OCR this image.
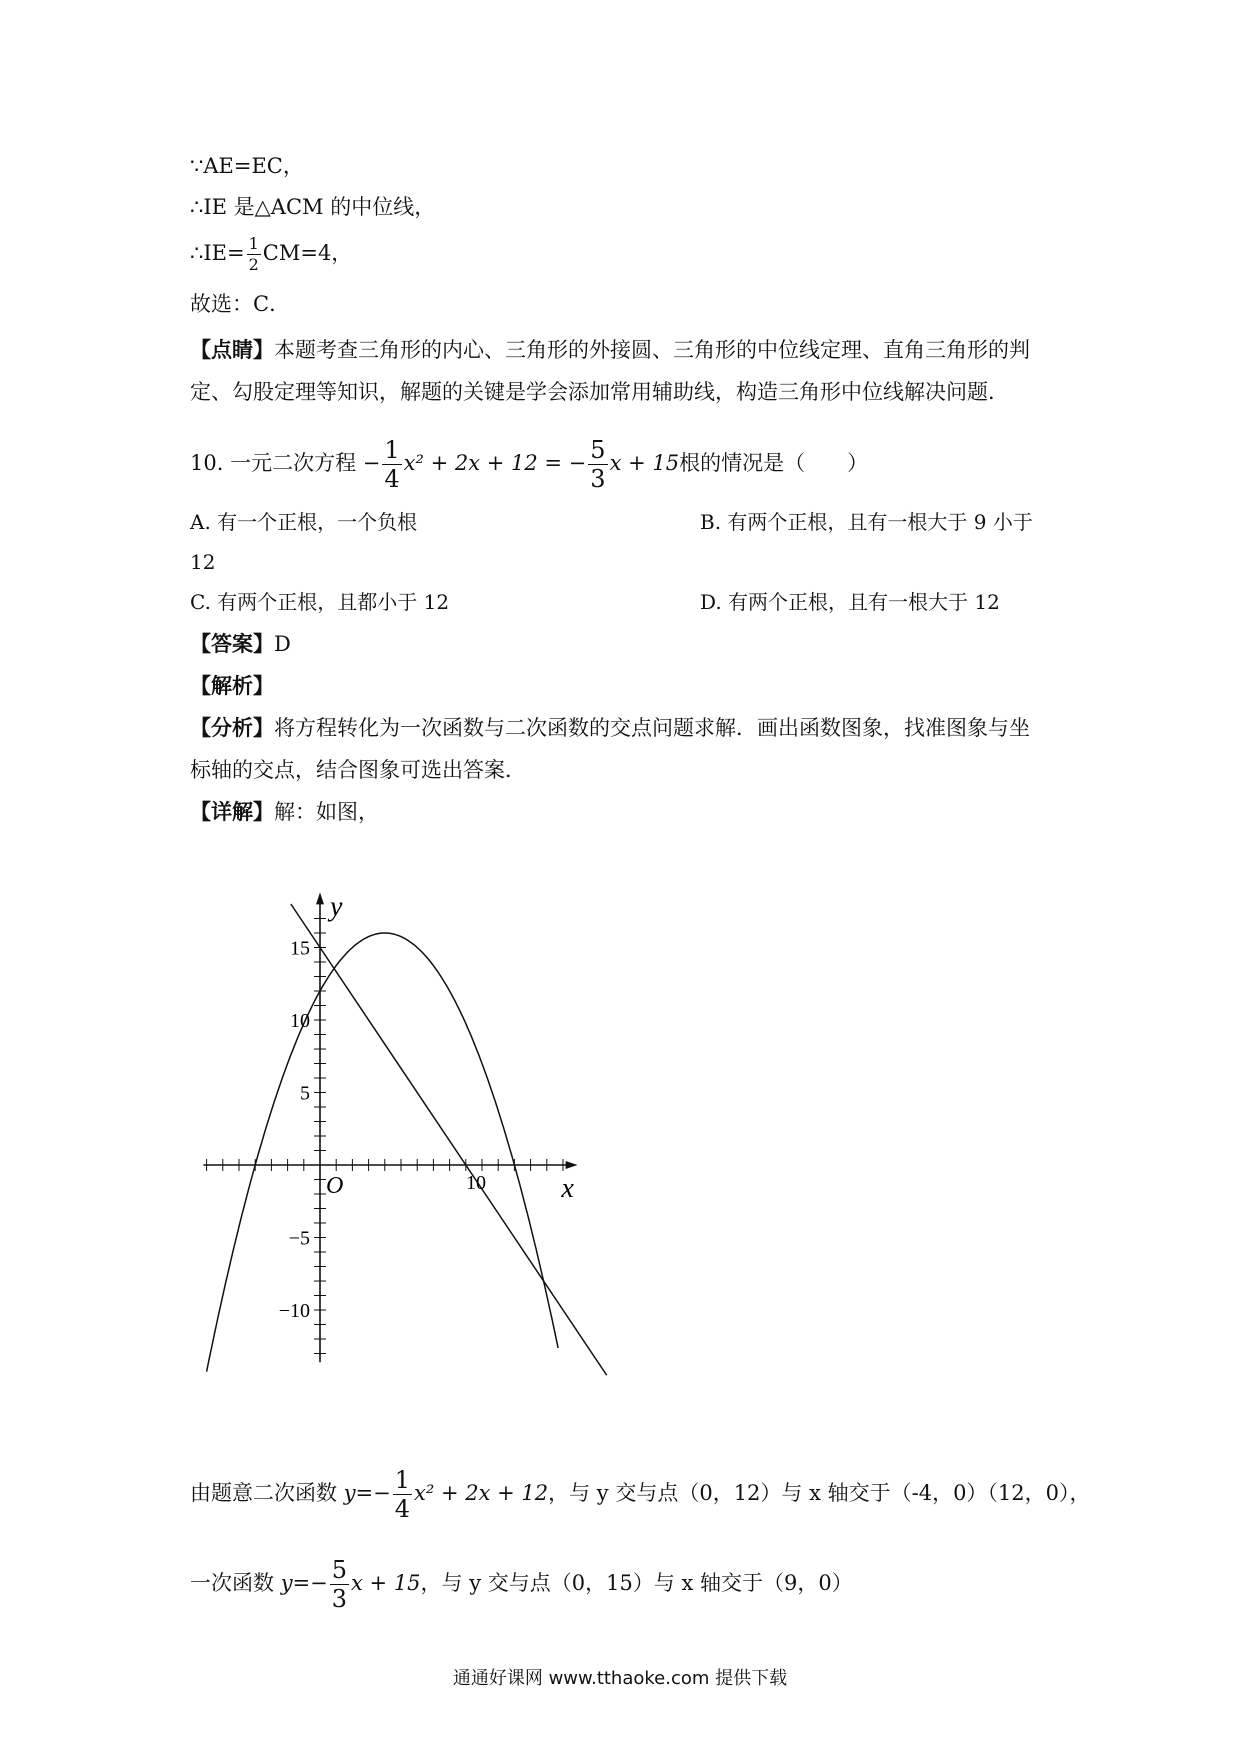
∵AE=EC，
∴IE 是△ACM 的中位线，
∴IE= $\frac{1}{2} CM=4$，
故选：C．
【点睛】本题考查三角形的内心、三角形的外接圆、三角形的中位线定理、直角三角形的判
定、勾股定理等知识，解题的关键是学会添加常用辅助线，构造三角形中位线解决问题．
10. 一元二次方程 − $\frac{1}{4} x^2 + 2x + 12$ = − $\frac{5}{3}$ x + 15根的情况是（　　）
A. 有一个正根，一个负根	B. 有两个正根，且有一根大于 9 小于
12
C. 有两个正根，且都小于 12	D. 有两个正根，且有一根大于 12
【答案】D
【解析】
【分析】将方程转化为一次函数与二次函数的交点问题求解．画出函数图象，找准图象与坐
标轴的交点，结合图象可选出答案．
【详解】解：如图，
15
10
5
−5
−10
10
O	x
y
由题意二次函数 $y=- \frac{1}{4} x^2 + 2x + 12$，与 y 交与点（0，12）与 x 轴交于（-4，0）（12，0），
一次函数 $y=- \frac{5}{3}$ x + 15，与 y 交与点（0，15）与 x 轴交于（9，0）
通通好课网 www.tthaoke.com 提供下载
